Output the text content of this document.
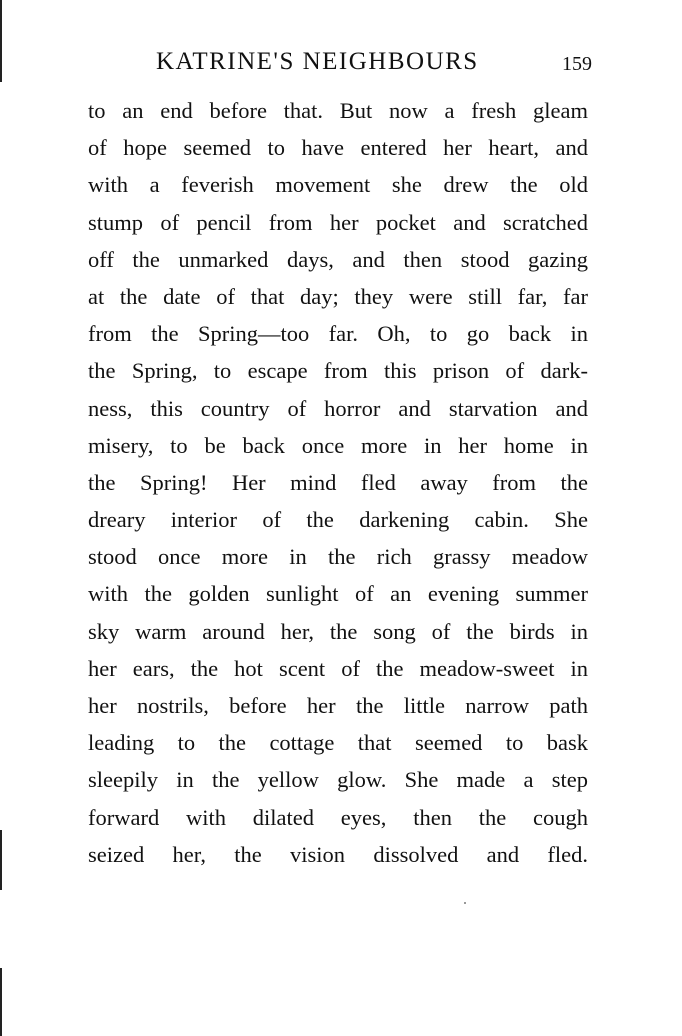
KATRINE'S NEIGHBOURS	159
to an end before that. But now a fresh gleam
of hope seemed to have entered her heart, and
with a feverish movement she drew the old
stump of pencil from her pocket and scratched
off the unmarked days, and then stood gazing
at the date of that day; they were still far, far
from the Spring—too far. Oh, to go back in
the Spring, to escape from this prison of dark-
ness, this country of horror and starvation and
misery, to be back once more in her home in
the Spring! Her mind fled away from the
dreary interior of the darkening cabin. She
stood once more in the rich grassy meadow
with the golden sunlight of an evening summer
sky warm around her, the song of the birds in
her ears, the hot scent of the meadow-sweet in
her nostrils, before her the little narrow path
leading to the cottage that seemed to bask
sleepily in the yellow glow. She made a step
forward with dilated eyes, then the cough
seized her, the vision dissolved and fled.
